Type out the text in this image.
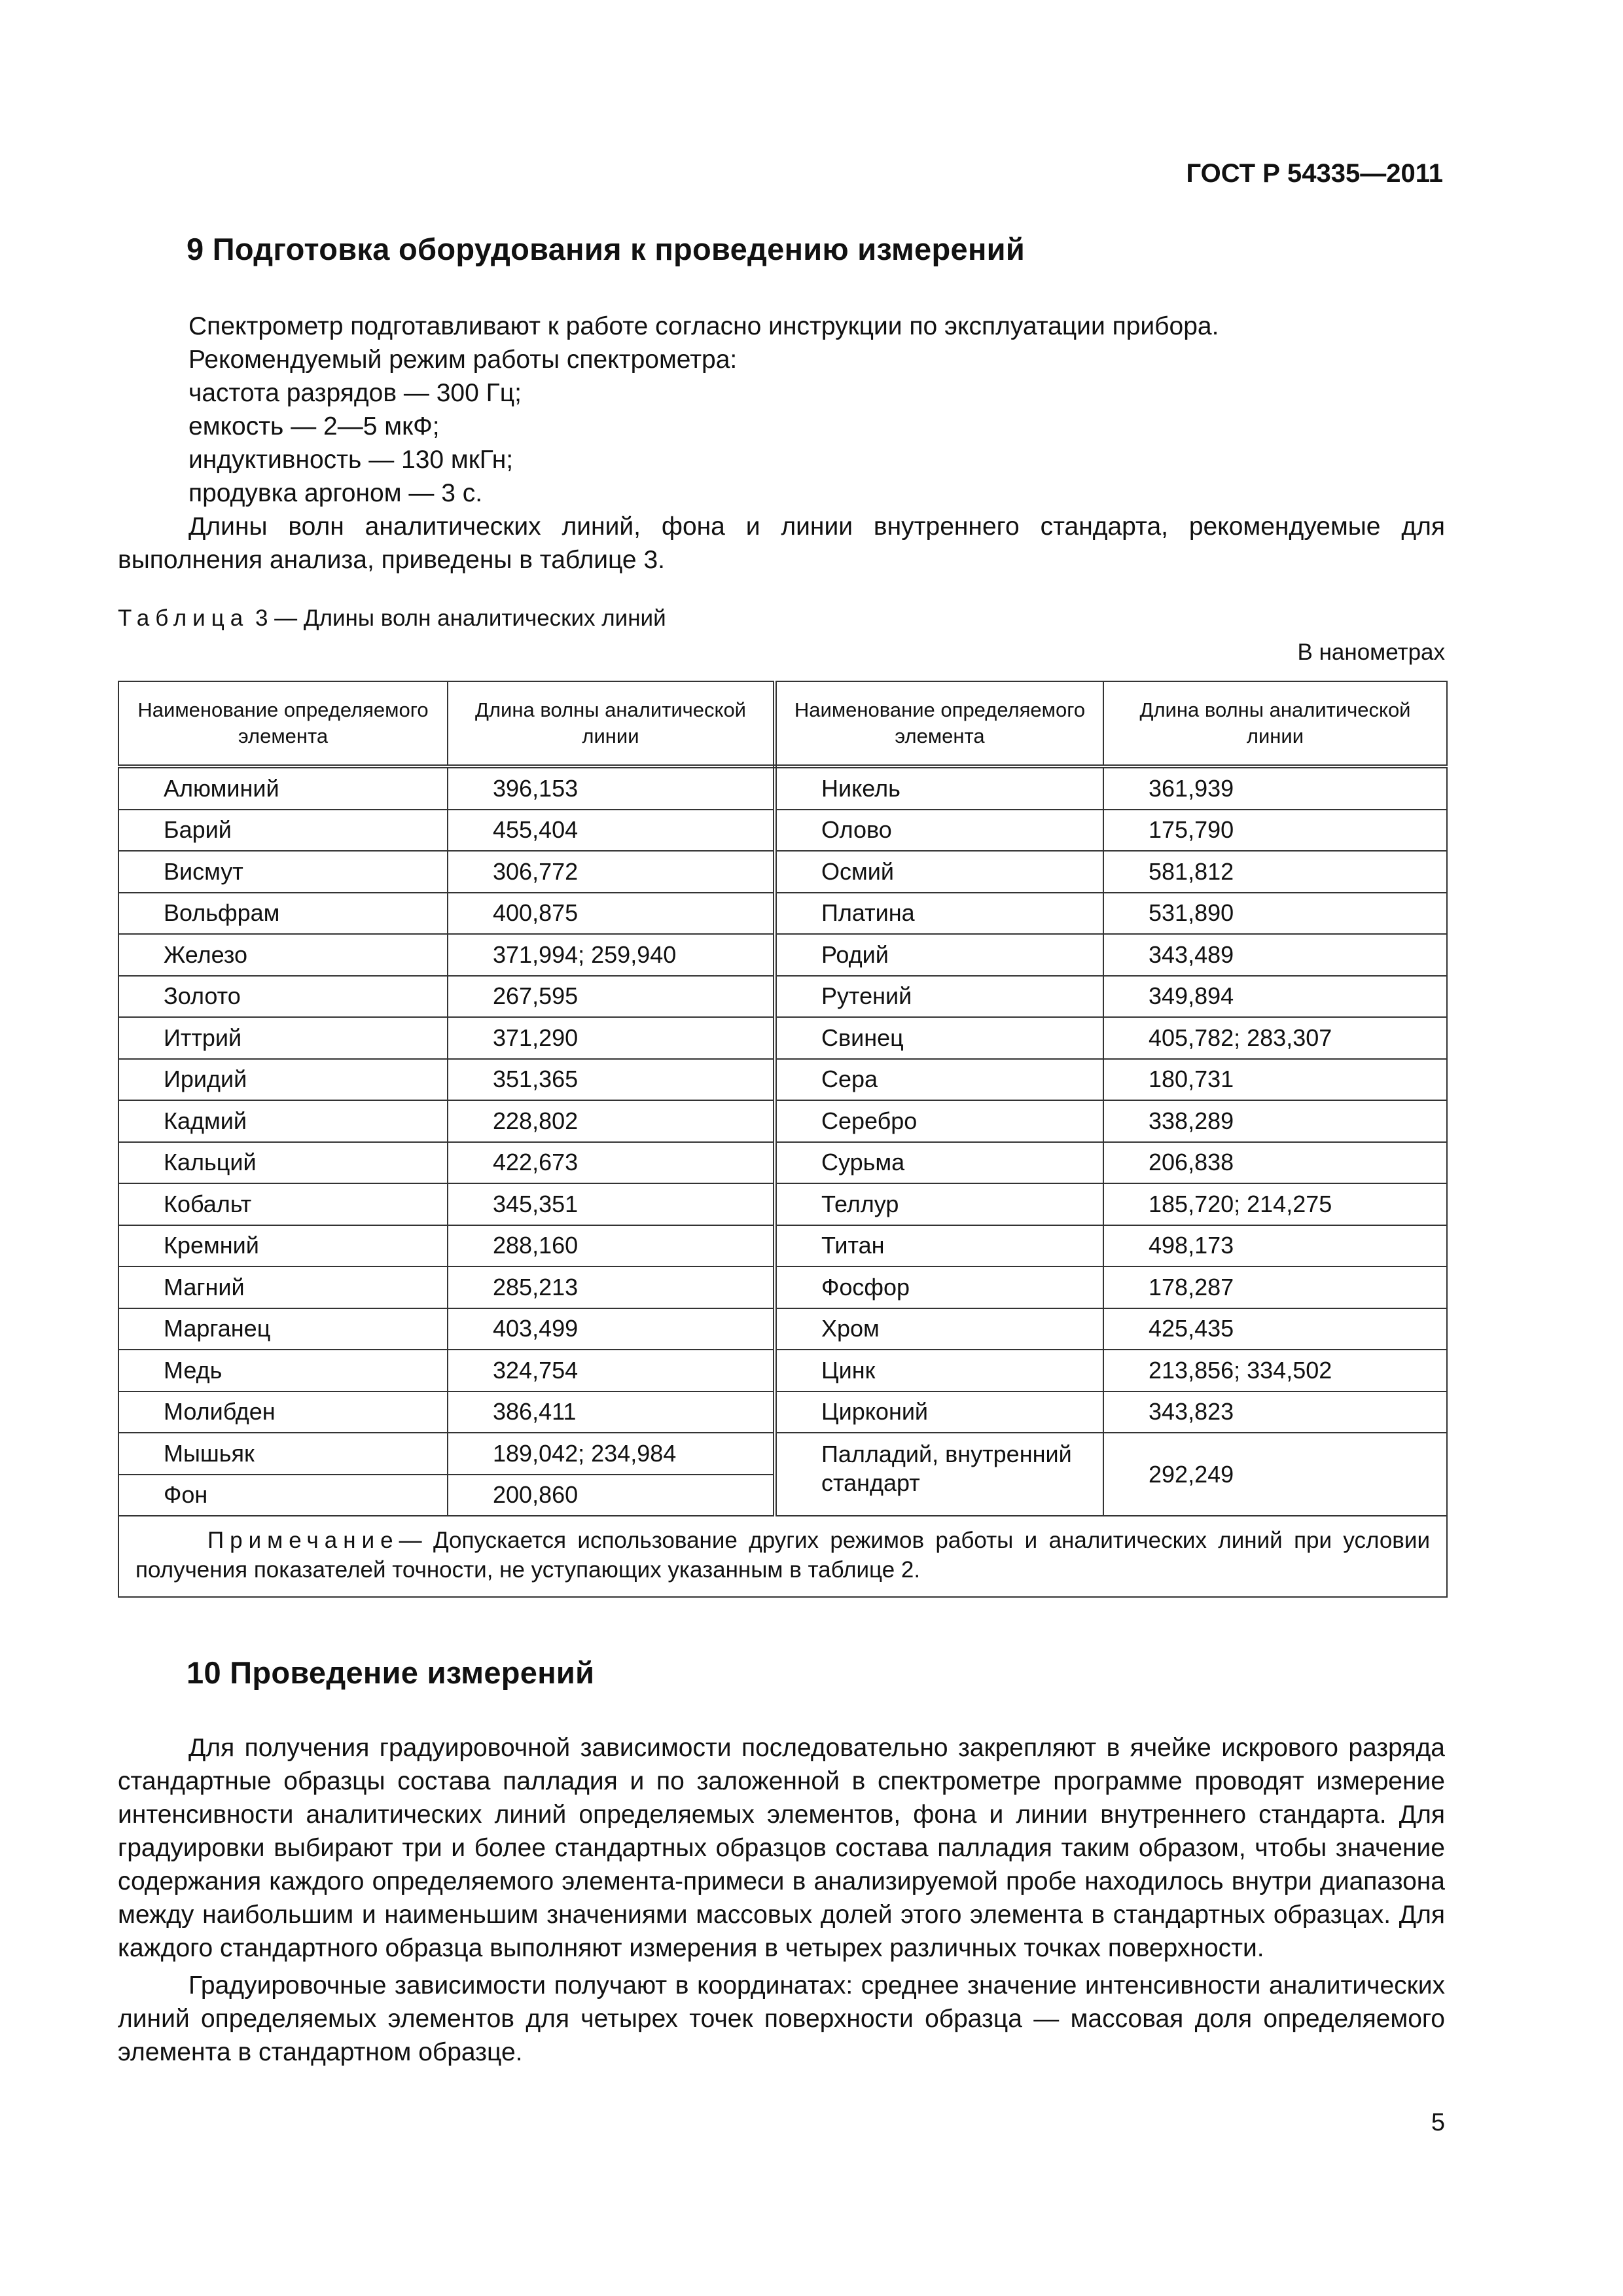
ГОСТ Р 54335—2011
9 Подготовка оборудования к проведению измерений

Спектрометр подготавливают к работе согласно инструкции по эксплуатации прибора.

Рекомендуемый режим работы спектрометра:

частота разрядов — 300 Гц;

емкость — 2—5 мкФ;

индуктивность — 130 мкГн;

продувка аргоном — 3 с.

Длины волн аналитических линий, фона и линии внутреннего стандарта, рекомендуемые для выполнения анализа, приведены в таблице 3.

Таблица 3 — Длины волн аналитических линий
В нанометрах
Наименование определяемого элемента	Длина волны аналитической линии	Наименование определяемого элемента	Длина волны аналитической линии
Алюминий	396,153	Никель	361,939
Барий	455,404	Олово	175,790
Висмут	306,772	Осмий	581,812
Вольфрам	400,875	Платина	531,890
Железо	371,994; 259,940	Родий	343,489
Золото	267,595	Рутений	349,894
Иттрий	371,290	Свинец	405,782; 283,307
Иридий	351,365	Сера	180,731
Кадмий	228,802	Серебро	338,289
Кальций	422,673	Сурьма	206,838
Кобальт	345,351	Теллур	185,720; 214,275
Кремний	288,160	Титан	498,173
Магний	285,213	Фосфор	178,287
Марганец	403,499	Хром	425,435
Медь	324,754	Цинк	213,856; 334,502
Молибден	386,411	Цирконий	343,823
Мышьяк	189,042; 234,984	Палладий, внутренний стандарт	292,249
Фон	200,860		
Примечание— Допускается использование других режимов работы и аналитических линий при условии получения показателей точности, не уступающих указанным в таблице 2.			
10 Проведение измерений

Для получения градуировочной зависимости последовательно закрепляют в ячейке искрового разряда стандартные образцы состава палладия и по заложенной в спектрометре программе проводят измерение интенсивности аналитических линий определяемых элементов, фона и линии внутреннего стандарта. Для градуировки выбирают три и более стандартных образцов состава палладия таким образом, чтобы значение содержания каждого определяемого элемента-примеси в анализируемой пробе находилось внутри диапазона между наибольшим и наименьшим значениями массовых долей этого элемента в стандартных образцах. Для каждого стандартного образца выполняют измерения в четырех различных точках поверхности.

Градуировочные зависимости получают в координатах: среднее значение интенсивности аналитических линий определяемых элементов для четырех точек поверхности образца — массовая доля определяемого элемента в стандартном образце.

5
